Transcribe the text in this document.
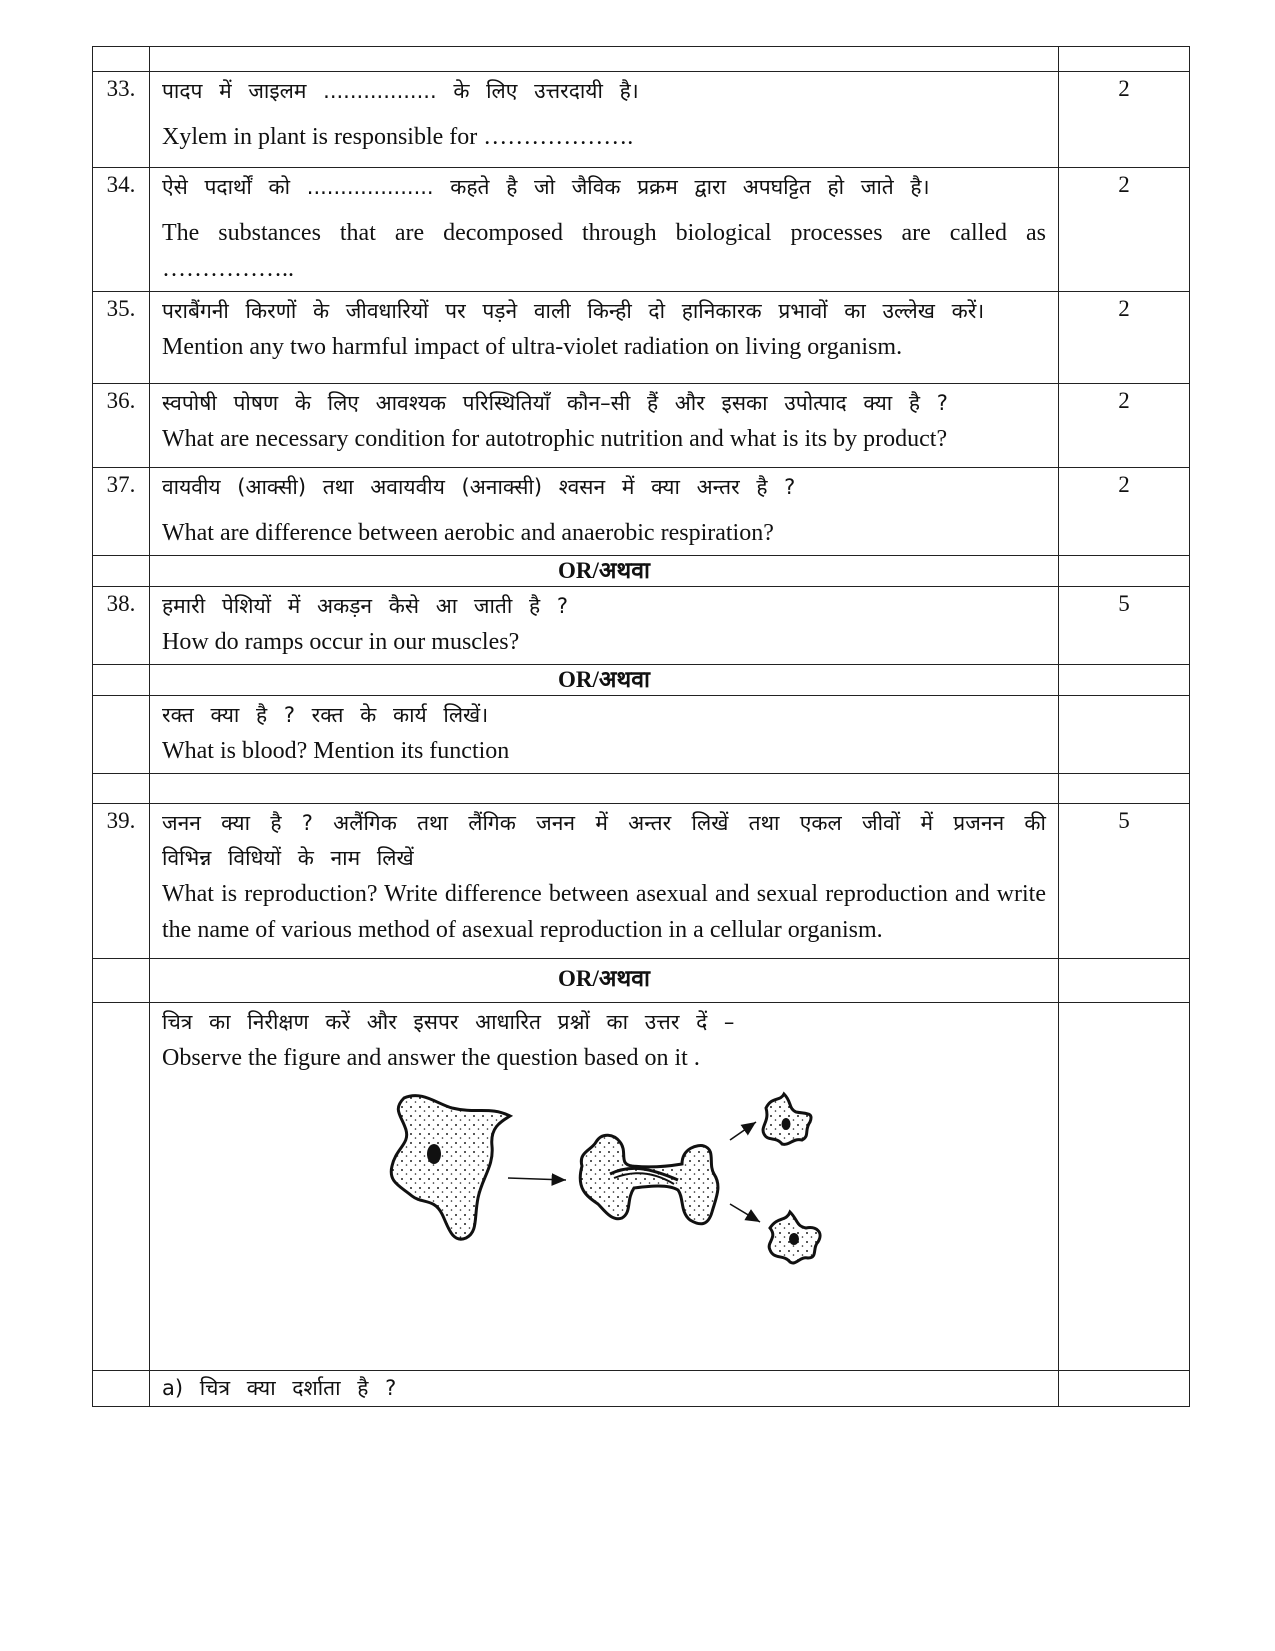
33.	पादप में जाइलम ................. के लिए उत्तरदायी है।
Xylem in plant is responsible for ……………….	2
34.	ऐसे पदार्थों को ................... कहते है जो जैविक प्रक्रम द्वारा अपघट्टित हो जाते है।
The substances that are decomposed through biological processes are called as ……………..	2
35.	पराबैंगनी किरणों के जीवधारियों पर पड़ने वाली किन्ही दो हानिकारक प्रभावों का उल्लेख करें।
Mention any two harmful impact of ultra-violet radiation on living organism.	2
36.	स्वपोषी पोषण के लिए आवश्यक परिस्थितियाँ कौन–सी हैं और इसका उपोत्पाद क्या है ?
What are necessary condition for autotrophic nutrition and what is its by product?	2
37.	वायवीय (आक्सी) तथा अवायवीय (अनाक्सी) श्वसन में क्या अन्तर है ?
What are difference between aerobic and anaerobic respiration?	2
	OR/अथवा	
38.	हमारी पेशियों में अकड़न कैसे आ जाती है ?
How do ramps occur in our muscles?	5
	OR/अथवा	

	रक्त क्या है ? रक्त के कार्य लिखें।
What is blood? Mention its function	

39.	जनन क्या है ? अलैंगिक तथा लैंगिक जनन में अन्तर लिखें तथा एकल जीवों में प्रजनन की विभिन्न विधियों के नाम लिखें
What is reproduction? Write difference between asexual and sexual reproduction and write the name of various method of asexual reproduction in a cellular organism.	5
	OR/अथवा	

	चित्र का निरीक्षण करें और इसपर आधारित प्रश्नों का उत्तर दें –
Observe the figure and answer the question based on it .	

	a) चित्र क्या दर्शाता है ?	
